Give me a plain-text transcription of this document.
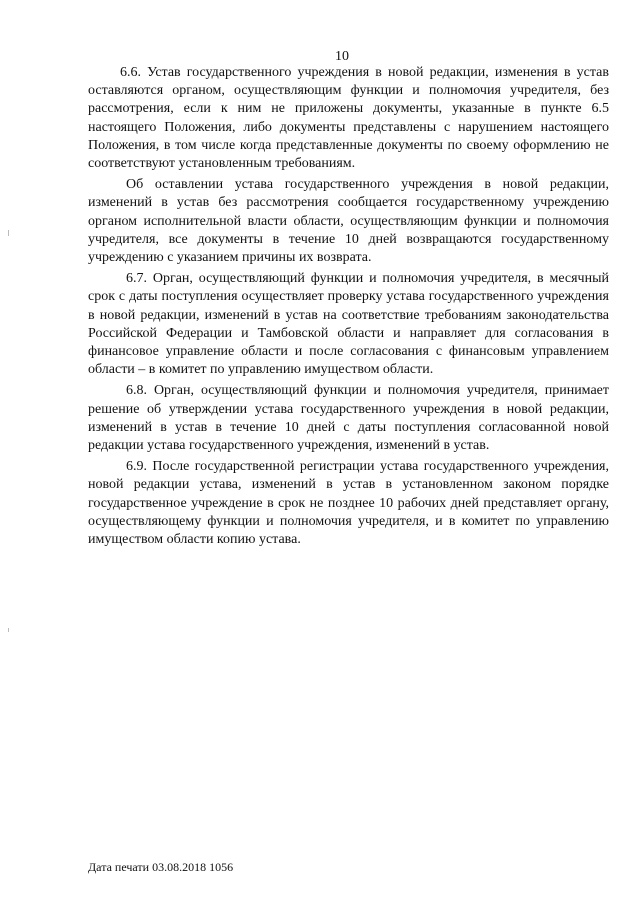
10

6.6. Устав государственного учреждения в новой редакции, изменения в устав оставляются органом, осуществляющим функции и полномочия учредителя, без рассмотрения, если к ним не приложены документы, указанные в пункте 6.5 настоящего Положения, либо документы представлены с нарушением настоящего Положения, в том числе когда представленные документы по своему оформлению не соответствуют установленным требованиям.

Об оставлении устава государственного учреждения в новой редакции, изменений в устав без рассмотрения сообщается государственному учреждению органом исполнительной власти области, осуществляющим функции и полномочия учредителя, все документы в течение 10 дней возвращаются государственному учреждению с указанием причины их возврата.

6.7. Орган, осуществляющий функции и полномочия учредителя, в месячный срок с даты поступления осуществляет проверку устава государственного учреждения в новой редакции, изменений в устав на соответствие требованиям законодательства Российской Федерации и Тамбовской области и направляет для согласования в финансовое управление области и после согласования с финансовым управлением области – в комитет по управлению имуществом области.

6.8. Орган, осуществляющий функции и полномочия учредителя, принимает решение об утверждении устава государственного учреждения в новой редакции, изменений в устав в течение 10 дней с даты поступления согласованной новой редакции устава государственного учреждения, изменений в устав.

6.9. После государственной регистрации устава государственного учреждения, новой редакции устава, изменений в устав в установленном законом порядке государственное учреждение в срок не позднее 10 рабочих дней представляет органу, осуществляющему функции и полномочия учредителя, и в комитет по управлению имуществом области копию устава.

Дата печати 03.08.2018 1056
